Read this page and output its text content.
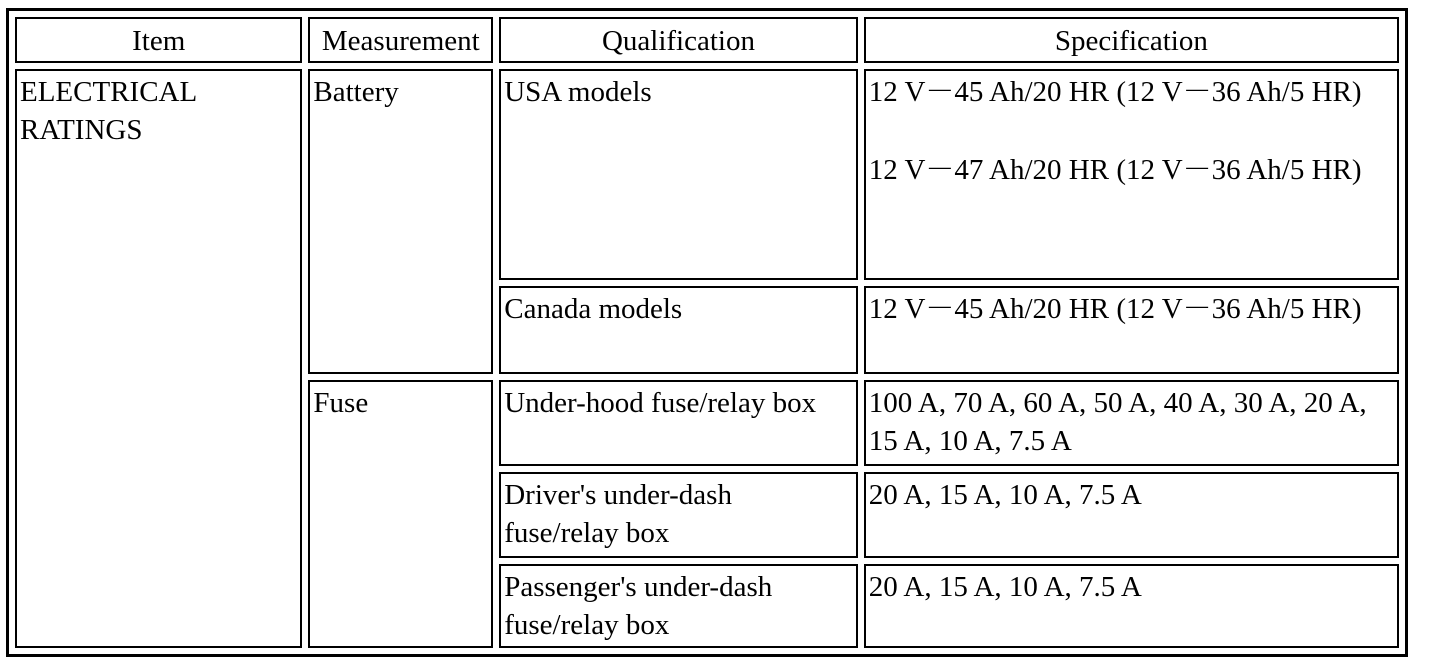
Item	Measurement	Qualification	Specification
ELECTRICAL RATINGS	Battery	USA models	12 V－45 Ah/20 HR (12 V－36 Ah/5 HR)
12 V－47 Ah/20 HR (12 V－36 Ah/5 HR)

		Canada models	12 V－45 Ah/20 HR (12 V－36 Ah/5 HR)
	Fuse	Under-hood fuse/relay box	100 A, 70 A, 60 A, 50 A, 40 A, 30 A, 20 A, 15 A, 10 A, 7.5 A
		Driver's under-dash fuse/relay box	20 A, 15 A, 10 A, 7.5 A
		Passenger's under-dash fuse/relay box	20 A, 15 A, 10 A, 7.5 A
